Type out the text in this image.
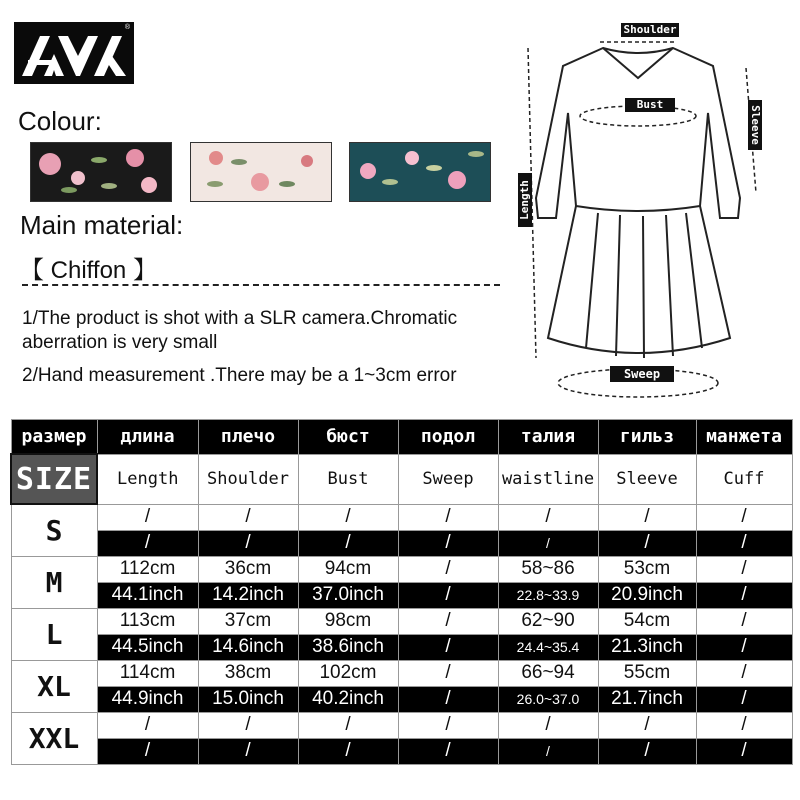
®
Colour:
Main material:
【 Chiffon 】
1/The product is shot with a SLR camera.Chromatic aberration is very small
2/Hand measurement .There may be a 1~3cm error
Shoulder
Bust
Sleeve
Length
Sweep
размер	длина	плечо	бюст	подол	талия	гильз	манжета
SIZE	Length	Shoulder	Bust	Sweep	waistline	Sleeve	Cuff
S	/	/	/	/	/	/	/
	/	/	/	/	/	/	/
M	112cm	36cm	94cm	/	58~86	53cm	/
	44.1inch	14.2inch	37.0inch	/	22.8~33.9	20.9inch	/
L	113cm	37cm	98cm	/	62~90	54cm	/
	44.5inch	14.6inch	38.6inch	/	24.4~35.4	21.3inch	/
XL	114cm	38cm	102cm	/	66~94	55cm	/
	44.9inch	15.0inch	40.2inch	/	26.0~37.0	21.7inch	/
XXL	/	/	/	/	/	/	/
	/	/	/	/	/	/	/
